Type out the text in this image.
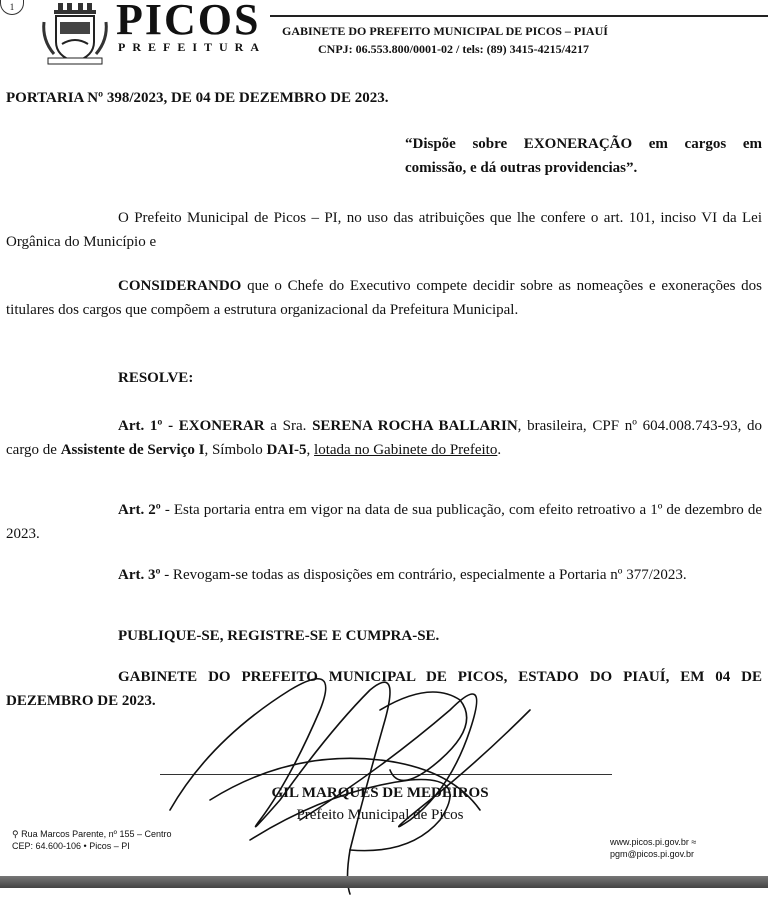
1 PICOS
PREFEITURA
GABINETE DO PREFEITO MUNICIPAL DE PICOS – PIAUÍ
CNPJ: 06.553.800/0001-02 / tels: (89) 3415-4215/4217
PORTARIA Nº 398/2023, DE 04 DE DEZEMBRO DE 2023.
“Dispõe sobre EXONERAÇÃO em cargos em comissão, e dá outras providencias”.
O Prefeito Municipal de Picos – PI, no uso das atribuições que lhe confere o art. 101, inciso VI da Lei Orgânica do Município e
CONSIDERANDO que o Chefe do Executivo compete decidir sobre as nomeações e exonerações dos titulares dos cargos que compõem a estrutura organizacional da Prefeitura Municipal.
RESOLVE:
Art. 1º - EXONERAR a Sra. SERENA ROCHA BALLARIN, brasileira, CPF nº 604.008.743-93, do cargo de Assistente de Serviço I, Símbolo DAI-5, lotada no Gabinete do Prefeito.
Art. 2º - Esta portaria entra em vigor na data de sua publicação, com efeito retroativo a 1º de dezembro de 2023.
Art. 3º - Revogam-se todas as disposições em contrário, especialmente a Portaria nº 377/2023.
PUBLIQUE-SE, REGISTRE-SE E CUMPRA-SE.
GABINETE DO PREFEITO MUNICIPAL DE PICOS, ESTADO DO PIAUÍ, EM 04 DE DEZEMBRO DE 2023.
GIL MARQUES DE MEDEIROS
Prefeito Municipal de Picos
⚲ Rua Marcos Parente, nº 155 – Centro
CEP: 64.600-106 • Picos – PI	www.picos.pi.gov.br ≈
pgm@picos.pi.gov.br
